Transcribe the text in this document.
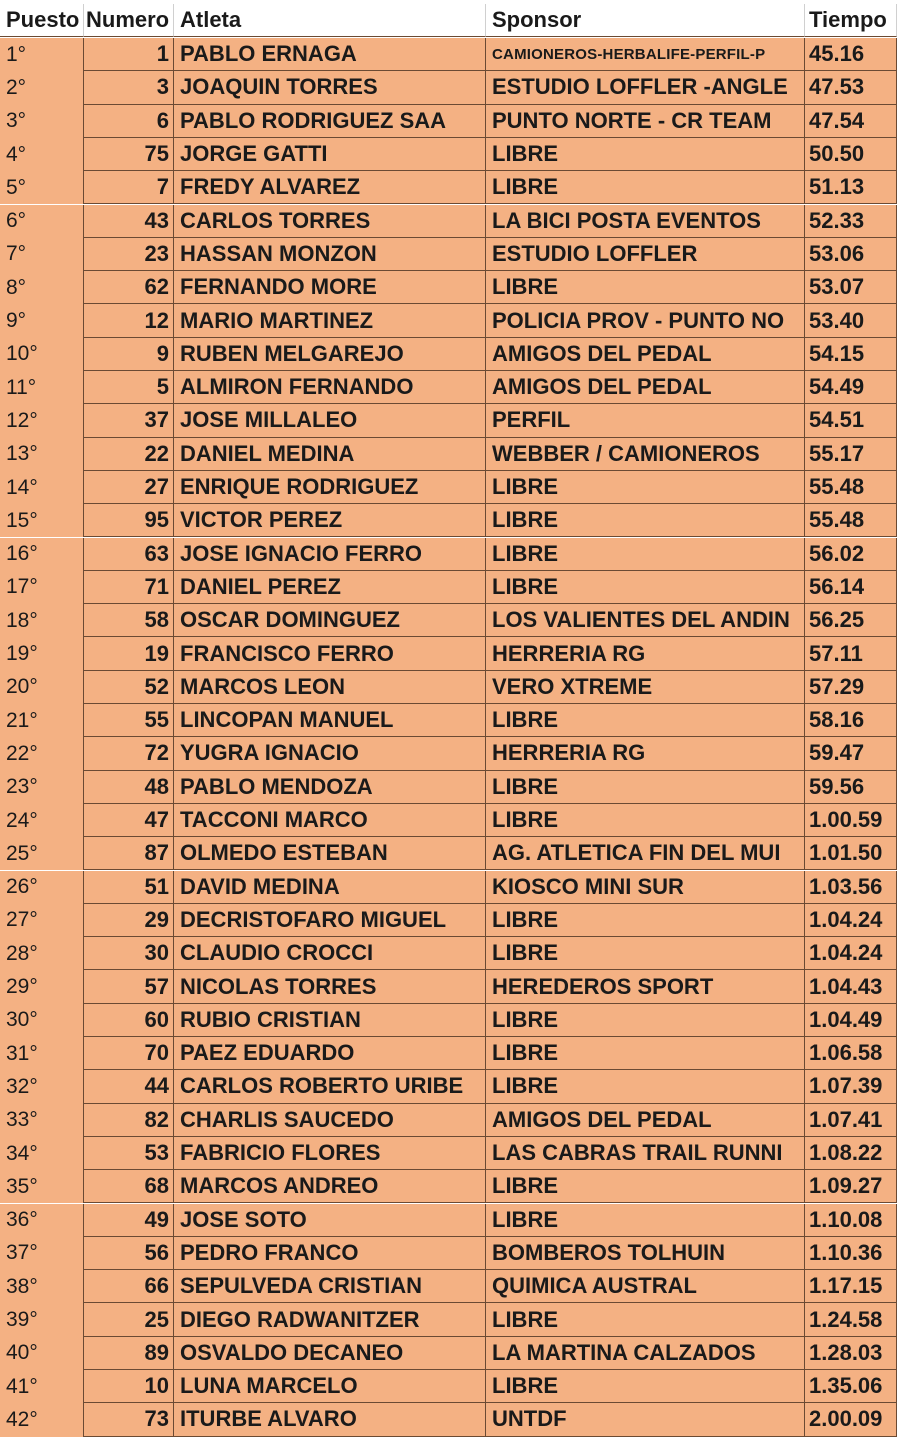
Puesto Numero Atleta	Sponsor	Tiempo
1°	1 PABLO ERNAGA	CAMIONEROS-HERBALIFE-PERFIL-P	45.16
2°	3 JOAQUIN TORRES	ESTUDIO LOFFLER -ANGLE 47.53
3°	6 PABLO RODRIGUEZ SAA	PUNTO NORTE - CR TEAM	47.54
4°	75 JORGE GATTI	LIBRE	50.50
5°	7 FREDY ALVAREZ	LIBRE	51.13
6°	43 CARLOS TORRES	LA BICI POSTA EVENTOS	52.33
7°	23 HASSAN MONZON	ESTUDIO LOFFLER	53.06
8°	62 FERNANDO MORE	LIBRE	53.07
9°	12 MARIO MARTINEZ	POLICIA PROV - PUNTO NO	53.40
10°	9 RUBEN MELGAREJO	AMIGOS DEL PEDAL	54.15
11°	5 ALMIRON FERNANDO	AMIGOS DEL PEDAL	54.49
12°	37 JOSE MILLALEO	PERFIL	54.51
13°	22 DANIEL MEDINA	WEBBER / CAMIONEROS	55.17
14°	27 ENRIQUE RODRIGUEZ	LIBRE	55.48
15°	95 VICTOR PEREZ	LIBRE	55.48
16°	63 JOSE IGNACIO FERRO	LIBRE	56.02
17°	71 DANIEL PEREZ	LIBRE	56.14
18°	58 OSCAR DOMINGUEZ	LOS VALIENTES DEL ANDIN 56.25
19°	19 FRANCISCO FERRO	HERRERIA RG	57.11
20°	52 MARCOS LEON	VERO XTREME	57.29
21°	55 LINCOPAN MANUEL	LIBRE	58.16
22°	72 YUGRA IGNACIO	HERRERIA RG	59.47
23°	48 PABLO MENDOZA	LIBRE	59.56
24°	47 TACCONI MARCO	LIBRE	1.00.59
25°	87 OLMEDO ESTEBAN	AG. ATLETICA FIN DEL MUI	1.01.50
26°	51 DAVID MEDINA	KIOSCO MINI SUR	1.03.56
27°	29 DECRISTOFARO MIGUEL	LIBRE	1.04.24
28°	30 CLAUDIO CROCCI	LIBRE	1.04.24
29°	57 NICOLAS TORRES	HEREDEROS SPORT	1.04.43
30°	60 RUBIO CRISTIAN	LIBRE	1.04.49
31°	70 PAEZ EDUARDO	LIBRE	1.06.58
32°	44 CARLOS ROBERTO URIBE	LIBRE	1.07.39
33°	82 CHARLIS SAUCEDO	AMIGOS DEL PEDAL	1.07.41
34°	53 FABRICIO FLORES	LAS CABRAS TRAIL RUNNI	1.08.22
35°	68 MARCOS ANDREO	LIBRE	1.09.27
36°	49 JOSE SOTO	LIBRE	1.10.08
37°	56 PEDRO FRANCO	BOMBEROS TOLHUIN	1.10.36
38°	66 SEPULVEDA CRISTIAN	QUIMICA AUSTRAL	1.17.15
39°	25 DIEGO RADWANITZER	LIBRE	1.24.58
40°	89 OSVALDO DECANEO	LA MARTINA CALZADOS	1.28.03
41°	10 LUNA MARCELO	LIBRE	1.35.06
42°	73 ITURBE ALVARO	UNTDF	2.00.09
